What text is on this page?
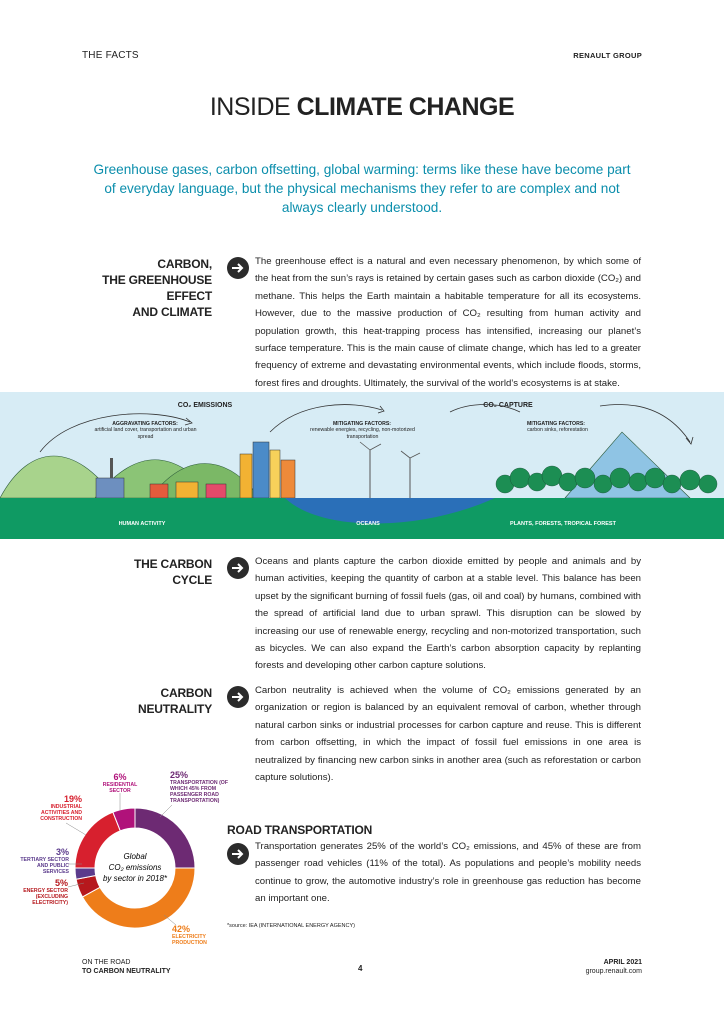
THE FACTS	RENAULT GROUP
INSIDE CLIMATE CHANGE
Greenhouse gases, carbon offsetting, global warming: terms like these have become part of everyday language, but the physical mechanisms they refer to are complex and not always clearly understood.
CARBON,
THE GREENHOUSE
EFFECT
AND CLIMATE
The greenhouse effect is a natural and even necessary phenomenon, by which some of the heat from the sun’s rays is retained by certain gases such as carbon dioxide (CO₂) and methane. This helps the Earth maintain a habitable temperature for all its ecosystems. However, due to the massive production of CO₂ resulting from human activity and population growth, this heat-trapping process has intensified, increasing our planet’s surface temperature. This is the main cause of climate change, which has led to a greater frequency of extreme and devastating environmental events, which include floods, storms, forest fires and droughts. Ultimately, the survival of the world’s ecosystems is at stake.
CO₂ EMISSIONS	CO₂ CAPTURE
AGGRAVATING FACTORS:
artificial land cover, transportation and urban spread
MITIGATING FACTORS:
renewable energies, recycling, non-motorized transportation
MITIGATING FACTORS:
carbon sinks, reforestation
HUMAN ACTIVITY	OCEANS	PLANTS, FORESTS, TROPICAL FOREST
THE CARBON
CYCLE
Oceans and plants capture the carbon dioxide emitted by people and animals and by human activities, keeping the quantity of carbon at a stable level. This balance has been upset by the significant burning of fossil fuels (gas, oil and coal) by humans, combined with the spread of artificial land due to urban sprawl. This disruption can be slowed by increasing our use of renewable energy, recycling and non-motorized transportation, such as bicycles. We can also expand the Earth’s carbon absorption capacity by replanting forests and developing other carbon capture solutions.
CARBON
NEUTRALITY
Carbon neutrality is achieved when the volume of CO₂ emissions generated by an organization or region is balanced by an equivalent removal of carbon, whether through natural carbon sinks or industrial processes for carbon capture and reuse. This is different from carbon offsetting, in which the impact of fossil fuel emissions in one area is neutralized by financing new carbon sinks in another area (such as reforestation or carbon capture solutions).
Global
CO₂ emissions
by sector in 2018*
6%
RESIDENTIAL SECTOR
25%
TRANSPORTATION (OF WHICH 45% FROM PASSENGER ROAD TRANSPORTATION)
19%
INDUSTRIAL ACTIVITIES AND CONSTRUCTION
3%
TERTIARY SECTOR AND PUBLIC SERVICES
5%
ENERGY SECTOR (EXCLUDING ELECTRICITY)
42%
ELECTRICITY PRODUCTION
ROAD TRANSPORTATION
Transportation generates 25% of the world’s CO₂ emissions, and 45% of these are from passenger road vehicles (11% of the total). As populations and people’s mobility needs continue to grow, the automotive industry’s role in greenhouse gas reduction has become an important one.
*source: IEA (INTERNATIONAL ENERGY AGENCY)
ON THE ROAD
TO CARBON NEUTRALITY	4
APRIL 2021
group.renault.com
